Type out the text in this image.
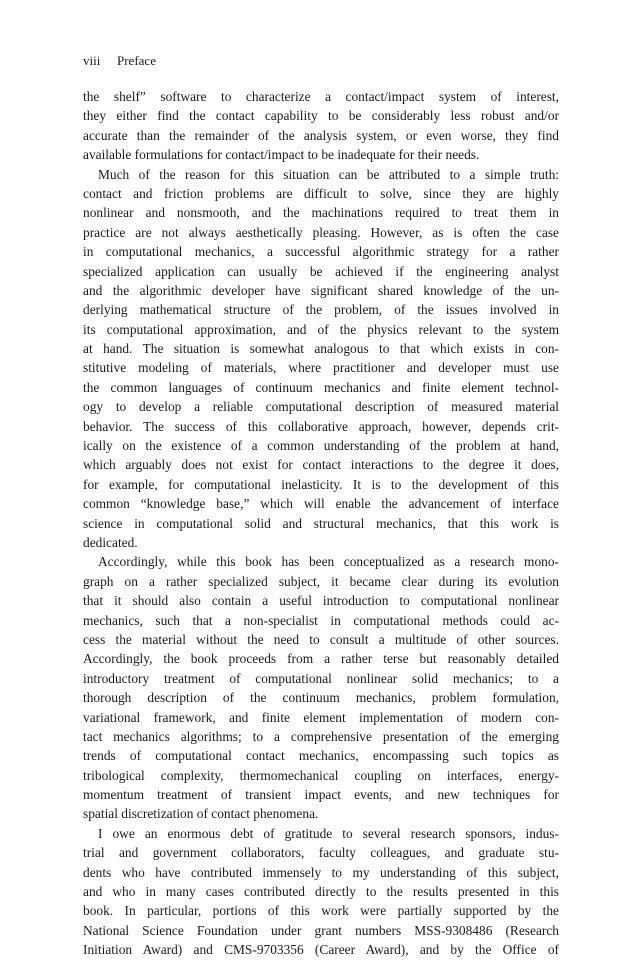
viii Preface
the shelf” software to characterize a contact/impact system of interest,
they either find the contact capability to be considerably less robust and/or
accurate than the remainder of the analysis system, or even worse, they find
available formulations for contact/impact to be inadequate for their needs.
Much of the reason for this situation can be attributed to a simple truth:
contact and friction problems are difficult to solve, since they are highly
nonlinear and nonsmooth, and the machinations required to treat them in
practice are not always aesthetically pleasing. However, as is often the case
in computational mechanics, a successful algorithmic strategy for a rather
specialized application can usually be achieved if the engineering analyst
and the algorithmic developer have significant shared knowledge of the un-
derlying mathematical structure of the problem, of the issues involved in
its computational approximation, and of the physics relevant to the system
at hand. The situation is somewhat analogous to that which exists in con-
stitutive modeling of materials, where practitioner and developer must use
the common languages of continuum mechanics and finite element technol-
ogy to develop a reliable computational description of measured material
behavior. The success of this collaborative approach, however, depends crit-
ically on the existence of a common understanding of the problem at hand,
which arguably does not exist for contact interactions to the degree it does,
for example, for computational inelasticity. It is to the development of this
common “knowledge base,” which will enable the advancement of interface
science in computational solid and structural mechanics, that this work is
dedicated.
Accordingly, while this book has been conceptualized as a research mono-
graph on a rather specialized subject, it became clear during its evolution
that it should also contain a useful introduction to computational nonlinear
mechanics, such that a non-specialist in computational methods could ac-
cess the material without the need to consult a multitude of other sources.
Accordingly, the book proceeds from a rather terse but reasonably detailed
introductory treatment of computational nonlinear solid mechanics; to a
thorough description of the continuum mechanics, problem formulation,
variational framework, and finite element implementation of modern con-
tact mechanics algorithms; to a comprehensive presentation of the emerging
trends of computational contact mechanics, encompassing such topics as
tribological complexity, thermomechanical coupling on interfaces, energy-
momentum treatment of transient impact events, and new techniques for
spatial discretization of contact phenomena.
I owe an enormous debt of gratitude to several research sponsors, indus-
trial and government collaborators, faculty colleagues, and graduate stu-
dents who have contributed immensely to my understanding of this subject,
and who in many cases contributed directly to the results presented in this
book. In particular, portions of this work were partially supported by the
National Science Foundation under grant numbers MSS-9308486 (Research
Initiation Award) and CMS-9703356 (Career Award), and by the Office of
